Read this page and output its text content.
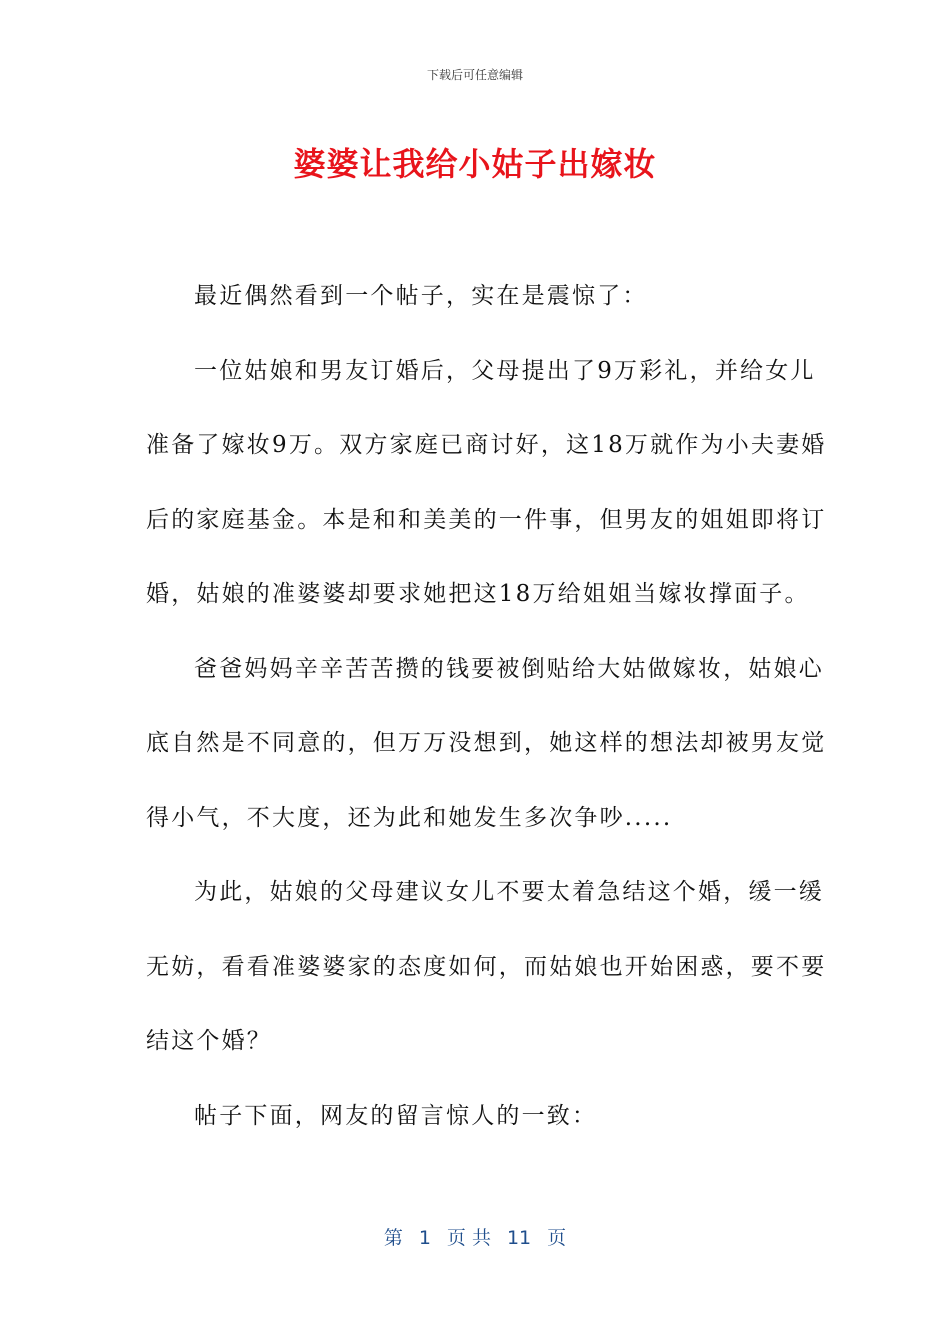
下载后可任意编辑
婆婆让我给小姑子出嫁妆
最近偶然看到一个帖子，实在是震惊了：
一位姑娘和男友订婚后，父母提出了9万彩礼，并给女儿
准备了嫁妆9万。双方家庭已商讨好，这18万就作为小夫妻婚
后的家庭基金。本是和和美美的一件事，但男友的姐姐即将订
婚，姑娘的准婆婆却要求她把这18万给姐姐当嫁妆撑面子。
爸爸妈妈辛辛苦苦攒的钱要被倒贴给大姑做嫁妆，姑娘心
底自然是不同意的，但万万没想到，她这样的想法却被男友觉
得小气，不大度，还为此和她发生多次争吵.....
为此，姑娘的父母建议女儿不要太着急结这个婚，缓一缓
无妨，看看准婆婆家的态度如何，而姑娘也开始困惑，要不要
结这个婚？
帖子下面，网友的留言惊人的一致：
第 1 页 共 11 页
